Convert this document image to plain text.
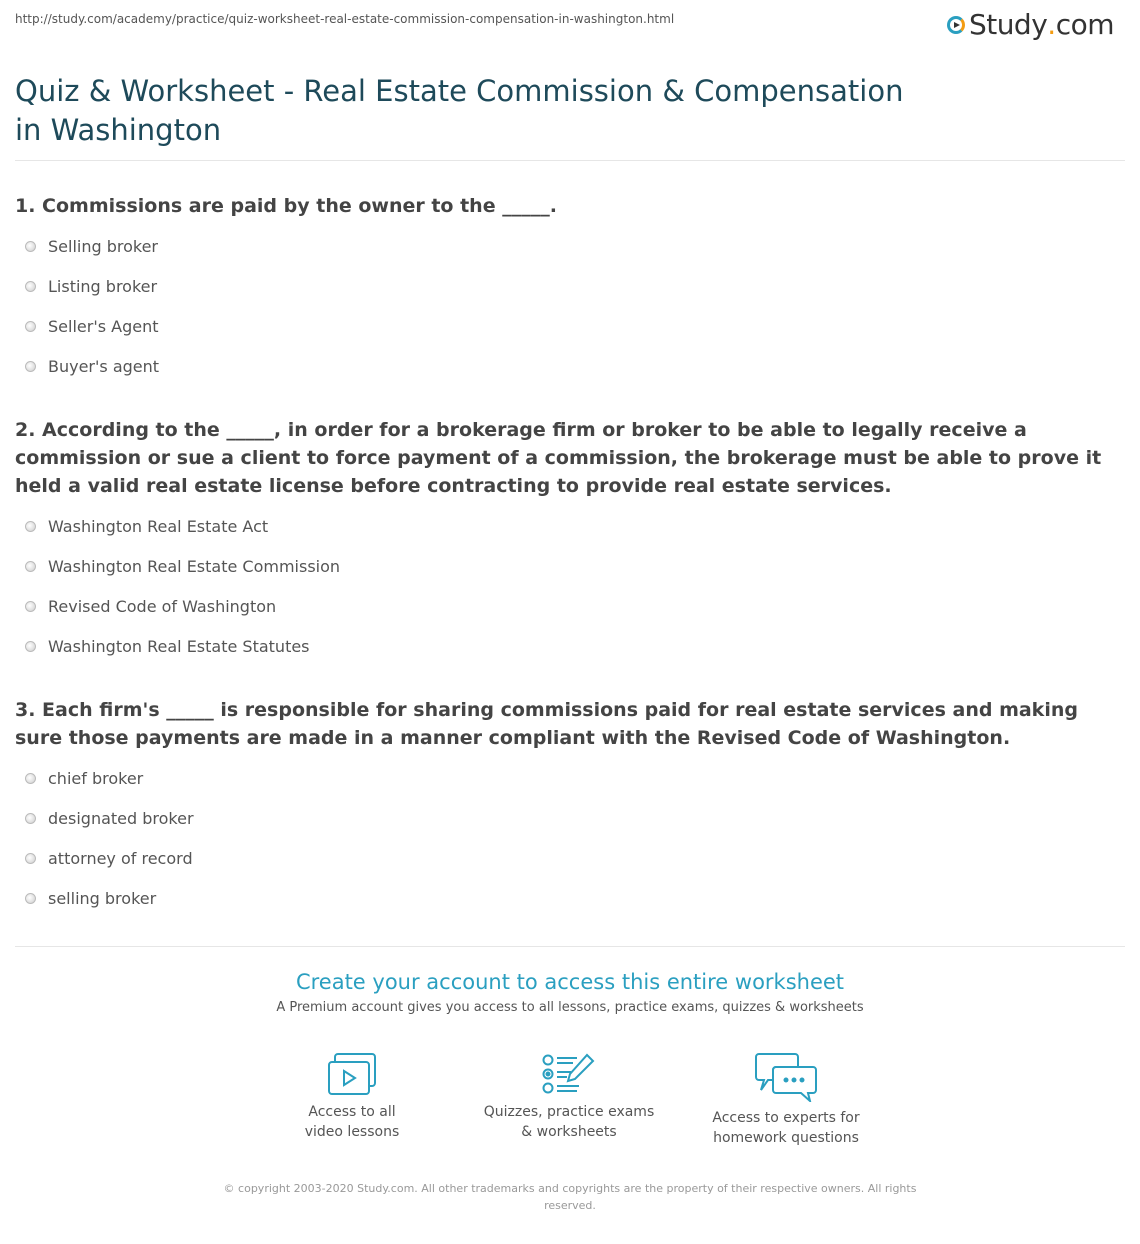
http://study.com/academy/practice/quiz-worksheet-real-estate-commission-compensation-in-washington.html	Study . com
Quiz & Worksheet - Real Estate Commission & Compensation in Washington
1. Commissions are paid by the owner to the _____.
Selling broker
Listing broker
Seller's Agent
Buyer's agent
2. According to the _____, in order for a brokerage firm or broker to be able to legally receive a commission or sue a client to force payment of a commission, the brokerage must be able to prove it held a valid real estate license before contracting to provide real estate services.
Washington Real Estate Act
Washington Real Estate Commission
Revised Code of Washington
Washington Real Estate Statutes
3. Each firm's _____ is responsible for sharing commissions paid for real estate services and making sure those payments are made in a manner compliant with the Revised Code of Washington.
chief broker
designated broker
attorney of record
selling broker
Create your account to access this entire worksheet
A Premium account gives you access to all lessons, practice exams, quizzes & worksheets
Access to all
video lessons
Quizzes, practice exams
& worksheets
Access to experts for
homework questions
© copyright 2003-2020 Study.com. All other trademarks and copyrights are the property of their respective owners. All rights reserved.
